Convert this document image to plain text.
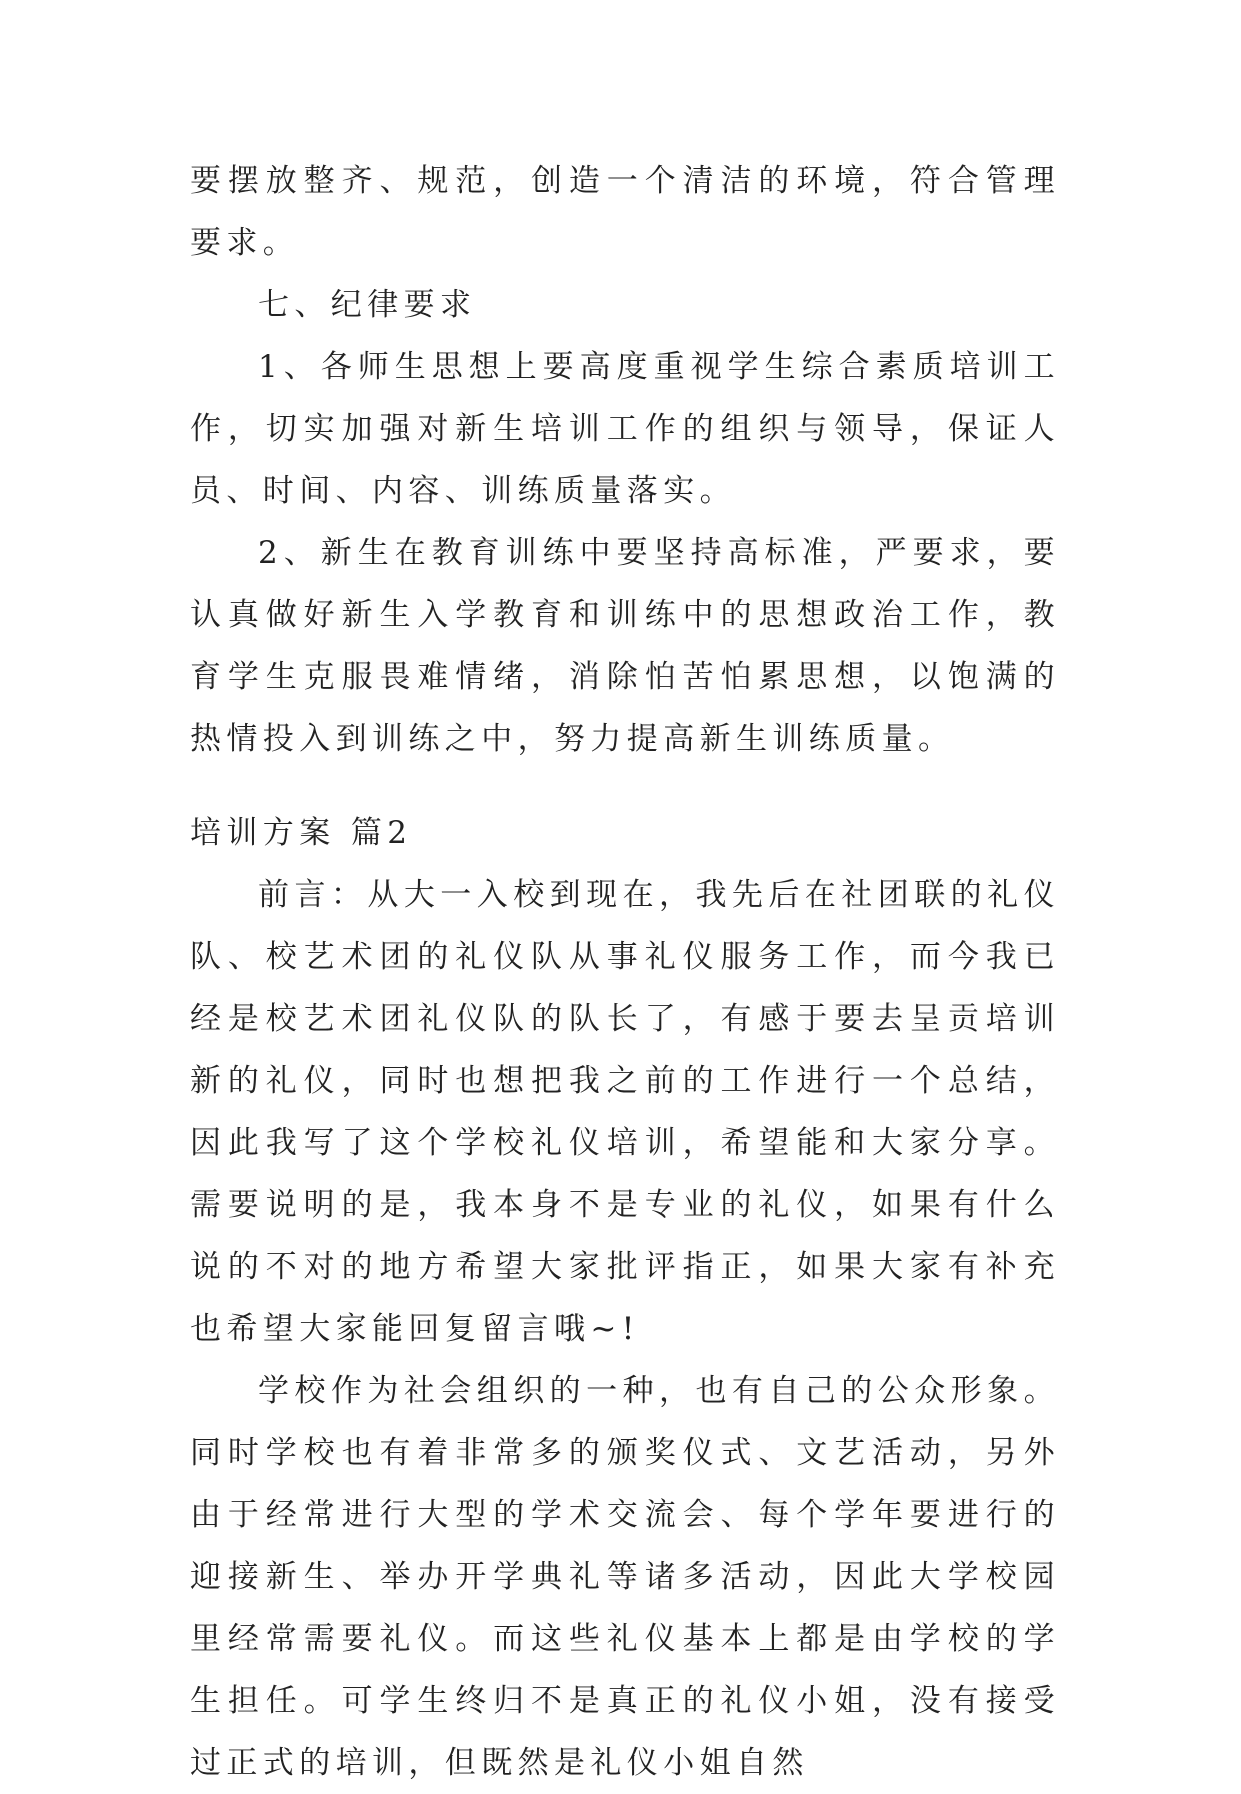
要摆放整齐、规范，创造一个清洁的环境，符合管理要求。

七、纪律要求

1、各师生思想上要高度重视学生综合素质培训工作，切实加强对新生培训工作的组织与领导，保证人员、时间、内容、训练质量落实。

2、新生在教育训练中要坚持高标准，严要求，要认真做好新生入学教育和训练中的思想政治工作，教育学生克服畏难情绪，消除怕苦怕累思想，以饱满的热情投入到训练之中，努力提高新生训练质量。

培训方案 篇2

前言：从大一入校到现在，我先后在社团联的礼仪队、校艺术团的礼仪队从事礼仪服务工作，而今我已经是校艺术团礼仪队的队长了，有感于要去呈贡培训新的礼仪，同时也想把我之前的工作进行一个总结，因此我写了这个学校礼仪培训，希望能和大家分享。需要说明的是，我本身不是专业的礼仪，如果有什么说的不对的地方希望大家批评指正，如果大家有补充也希望大家能回复留言哦~!

学校作为社会组织的一种，也有自己的公众形象。同时学校也有着非常多的颁奖仪式、文艺活动，另外由于经常进行大型的学术交流会、每个学年要进行的迎接新生、举办开学典礼等诸多活动，因此大学校园里经常需要礼仪。而这些礼仪基本上都是由学校的学生担任。可学生终归不是真正的礼仪小姐，没有接受过正式的培训，但既然是礼仪小姐自然
